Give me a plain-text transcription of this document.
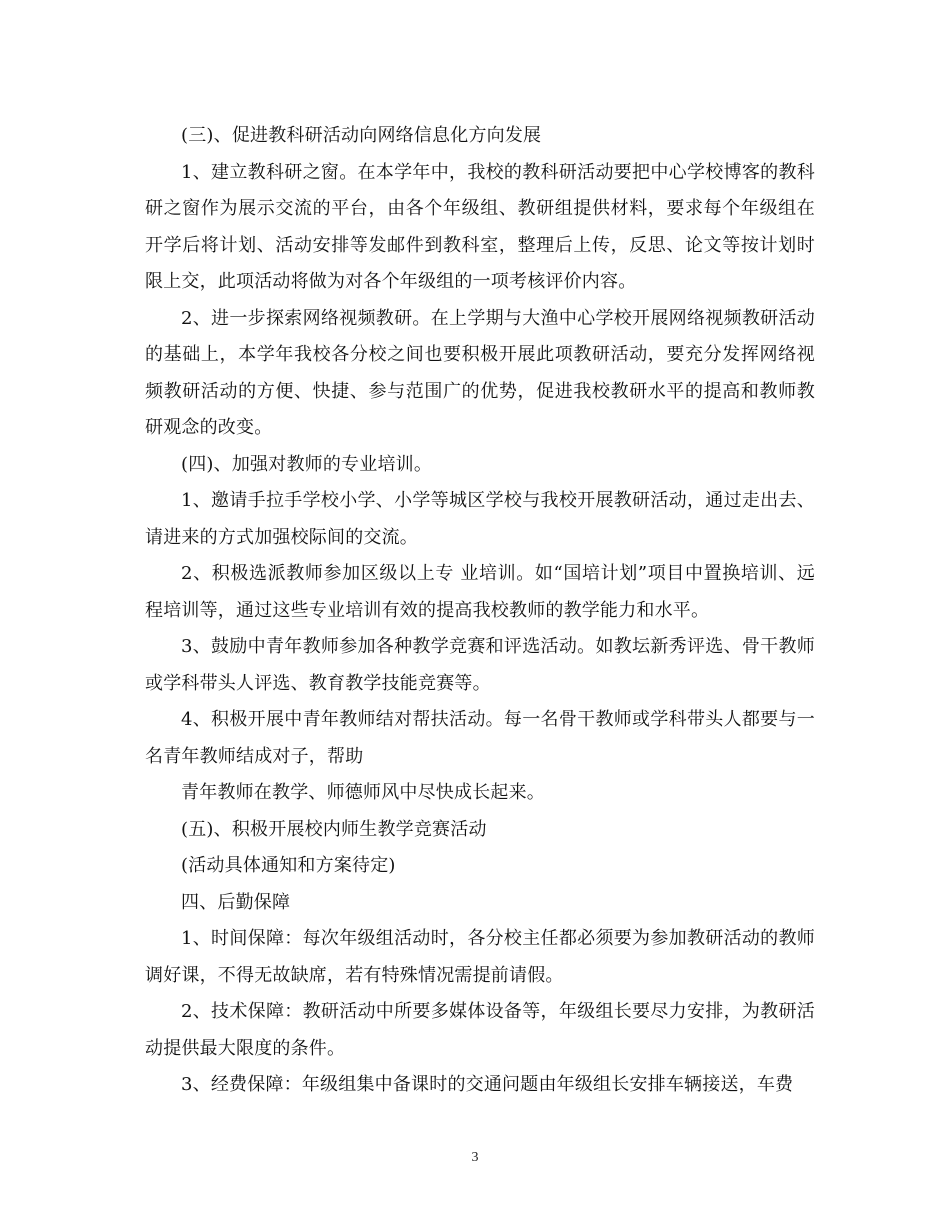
(三)、促进教科研活动向网络信息化方向发展

1、建立教科研之窗。在本学年中，我校的教科研活动要把中心学校博客的教科研之窗作为展示交流的平台，由各个年级组、教研组提供材料，要求每个年级组在开学后将计划、活动安排等发邮件到教科室，整理后上传，反思、论文等按计划时限上交，此项活动将做为对各个年级组的一项考核评价内容。

2、进一步探索网络视频教研。在上学期与大渔中心学校开展网络视频教研活动的基础上，本学年我校各分校之间也要积极开展此项教研活动，要充分发挥网络视频教研活动的方便、快捷、参与范围广的优势，促进我校教研水平的提高和教师教研观念的改变。

(四)、加强对教师的专业培训。

1、邀请手拉手学校小学、小学等城区学校与我校开展教研活动，通过走出去、请进来的方式加强校际间的交流。

2、积极选派教师参加区级以上专 业培训。如“国培计划”项目中置换培训、远程培训等，通过这些专业培训有效的提高我校教师的教学能力和水平。

3、鼓励中青年教师参加各种教学竞赛和评选活动。如教坛新秀评选、骨干教师或学科带头人评选、教育教学技能竞赛等。

4、积极开展中青年教师结对帮扶活动。每一名骨干教师或学科带头人都要与一名青年教师结成对子，帮助

青年教师在教学、师德师风中尽快成长起来。

(五)、积极开展校内师生教学竞赛活动

(活动具体通知和方案待定)

四、后勤保障

1、时间保障：每次年级组活动时，各分校主任都必须要为参加教研活动的教师调好课，不得无故缺席，若有特殊情况需提前请假。

2、技术保障：教研活动中所要多媒体设备等，年级组长要尽力安排，为教研活动提供最大限度的条件。

3、经费保障：年级组集中备课时的交通问题由年级组长安排车辆接送，车费

3
